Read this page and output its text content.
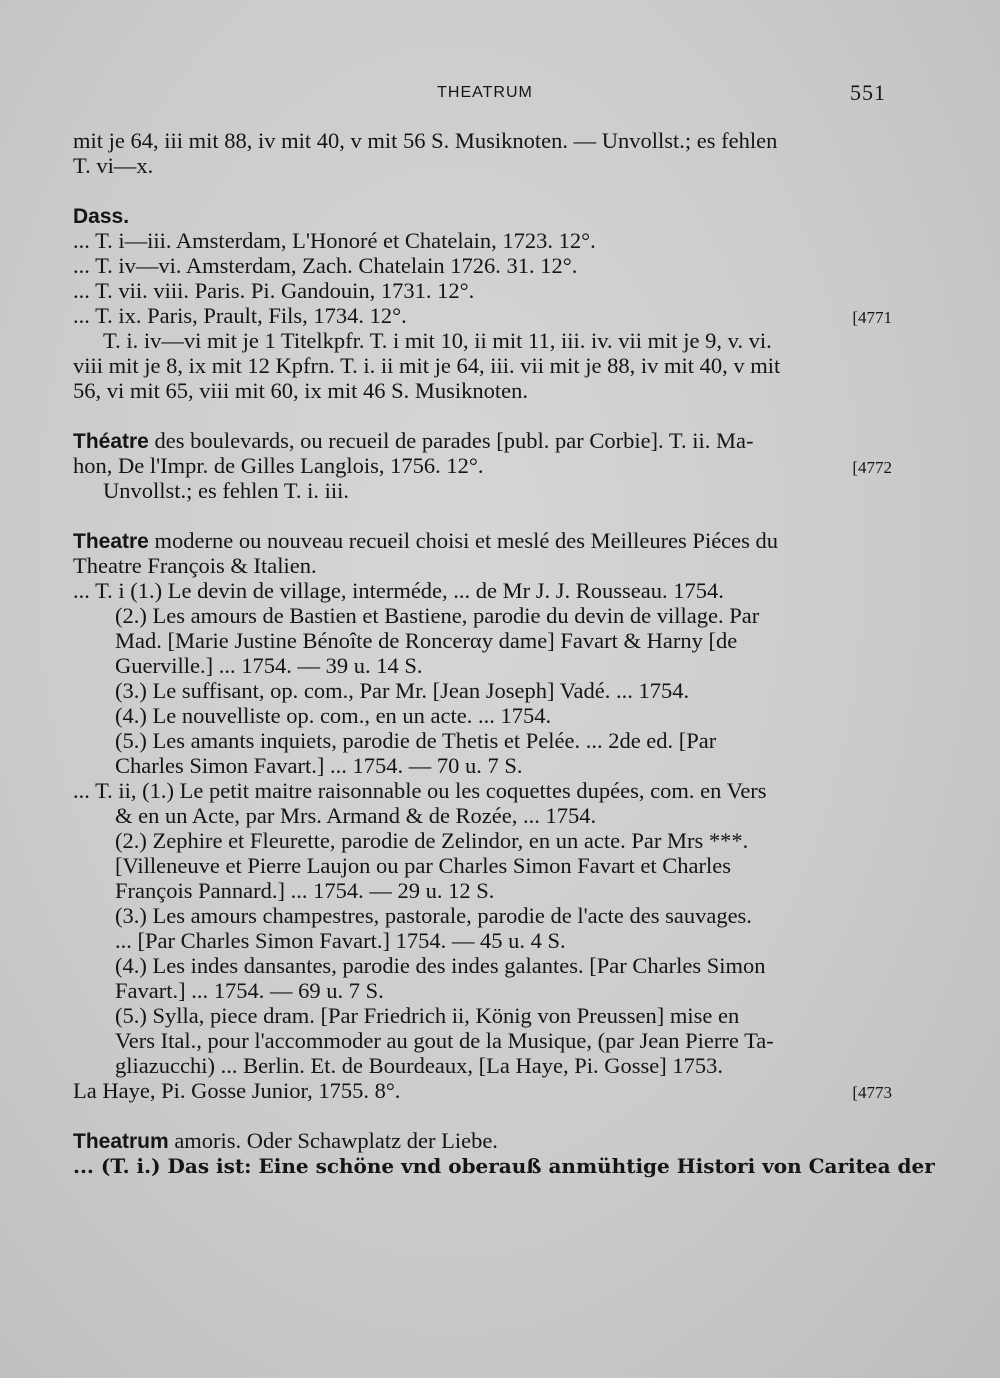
THEATRUM	551
mit je 64, iii mit 88, iv mit 40, v mit 56 S. Musiknoten. — Unvollst.; es fehlen
T. vi—x.
Dass.
... T. i—iii. Amsterdam, L'Honoré et Chatelain, 1723. 12°.
... T. iv—vi. Amsterdam, Zach. Chatelain 1726. 31. 12°.
... T. vii. viii. Paris. Pi. Gandouin, 1731. 12°.
... T. ix. Paris, Prault, Fils, 1734. 12°.	[4771
T. i. iv—vi mit je 1 Titelkpfr. T. i mit 10, ii mit 11, iii. iv. vii mit je 9, v. vi.
viii mit je 8, ix mit 12 Kpfrn. T. i. ii mit je 64, iii. vii mit je 88, iv mit 40, v mit
56, vi mit 65, viii mit 60, ix mit 46 S. Musiknoten.
Théatre des boulevards, ou recueil de parades [publ. par Corbie]. T. ii. Ma-
hon, De l'Impr. de Gilles Langlois, 1756. 12°.	[4772
Unvollst.; es fehlen T. i. iii.
Theatre moderne ou nouveau recueil choisi et meslé des Meilleures Piéces du
Theatre François & Italien.
... T. i (1.) Le devin de village, interméde, ... de Mr J. J. Rousseau. 1754.
(2.) Les amours de Bastien et Bastiene, parodie du devin de village. Par
Mad. [Marie Justine Bénoîte de Roncerαy dame] Favart & Harny [de
Guerville.] ... 1754. — 39 u. 14 S.
(3.) Le suffisant, op. com., Par Mr. [Jean Joseph] Vadé. ... 1754.
(4.) Le nouvelliste op. com., en un acte. ... 1754.
(5.) Les amants inquiets, parodie de Thetis et Pelée. ... 2de ed. [Par
Charles Simon Favart.] ... 1754. — 70 u. 7 S.
... T. ii, (1.) Le petit maitre raisonnable ou les coquettes dupées, com. en Vers
& en un Acte, par Mrs. Armand & de Rozée, ... 1754.
(2.) Zephire et Fleurette, parodie de Zelindor, en un acte. Par Mrs ***.
[Villeneuve et Pierre Laujon ou par Charles Simon Favart et Charles
François Pannard.] ... 1754. — 29 u. 12 S.
(3.) Les amours champestres, pastorale, parodie de l'acte des sauvages.
... [Par Charles Simon Favart.] 1754. — 45 u. 4 S.
(4.) Les indes dansantes, parodie des indes galantes. [Par Charles Simon
Favart.] ... 1754. — 69 u. 7 S.
(5.) Sylla, piece dram. [Par Friedrich ii, König von Preussen] mise en
Vers Ital., pour l'accommoder au gout de la Musique, (par Jean Pierre Ta-
gliazucchi) ... Berlin. Et. de Bourdeaux, [La Haye, Pi. Gosse] 1753.
La Haye, Pi. Gosse Junior, 1755. 8°.	[4773
Theatrum amoris. Oder Schawplatz der Liebe.
... (T. i.) Das ist: Eine schöne vnd oberauß anmühtige Histori von Caritea der
